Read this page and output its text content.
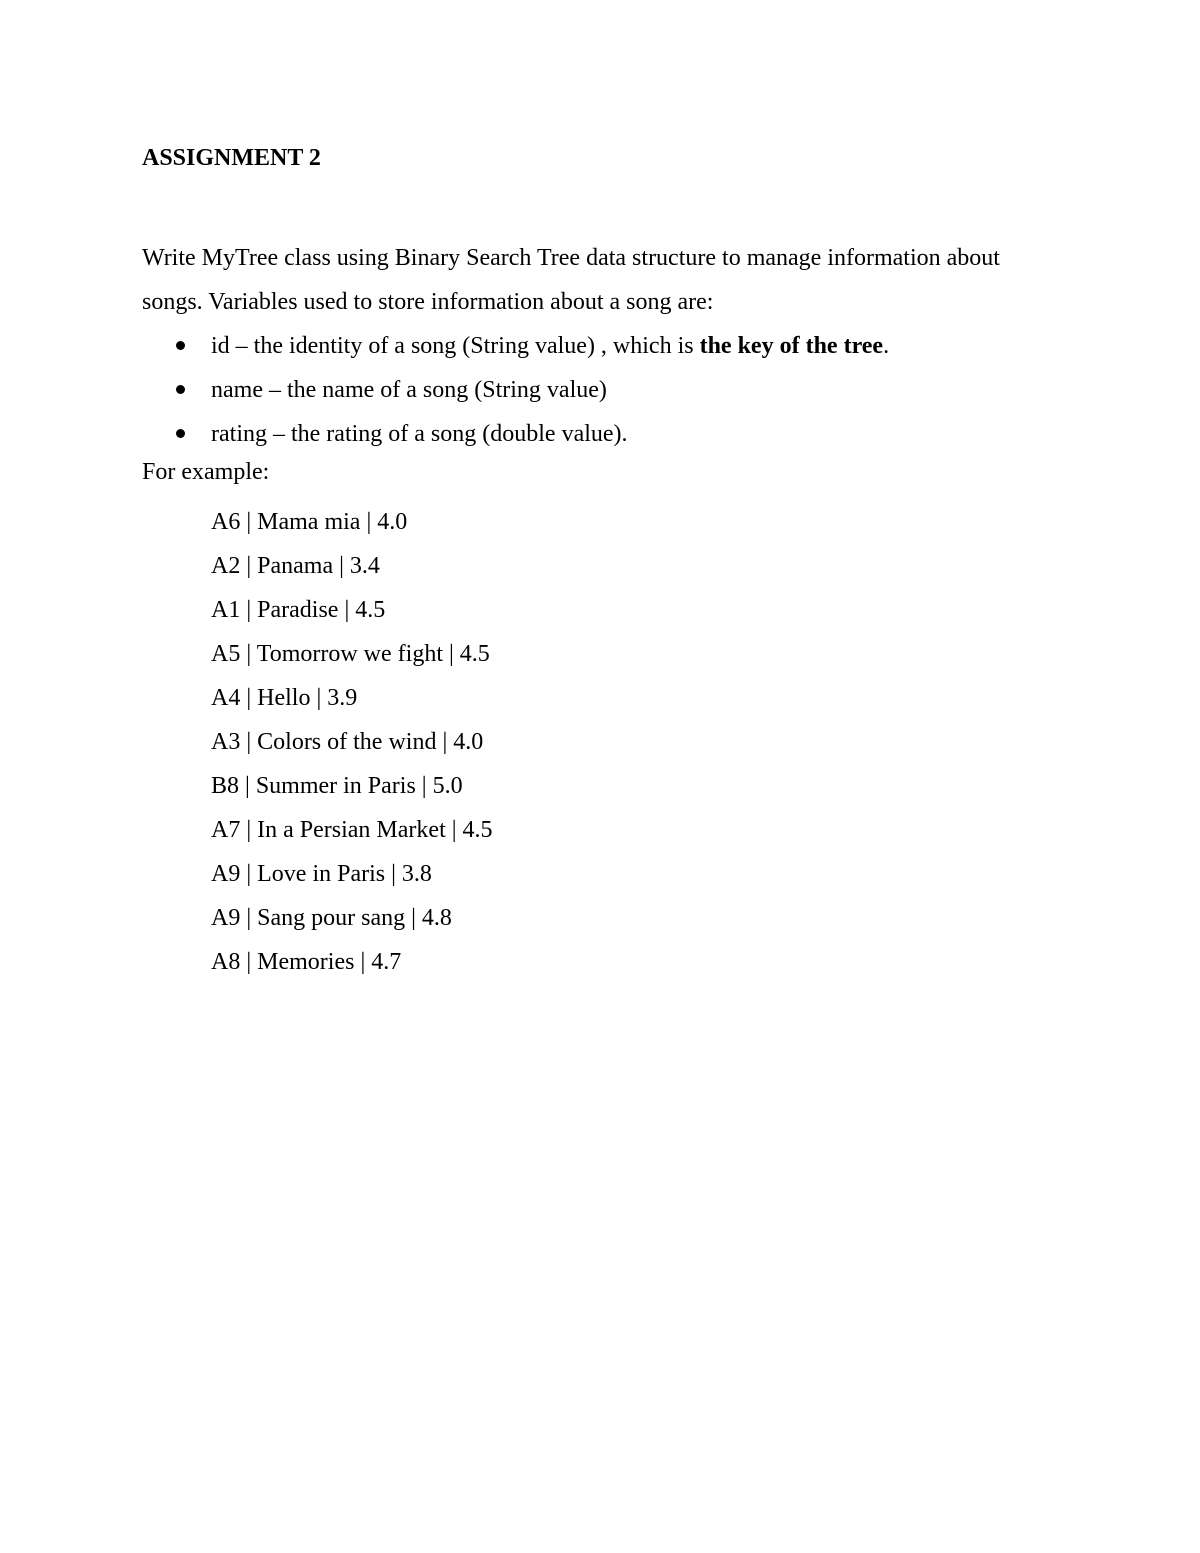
ASSIGNMENT 2

Write MyTree class using Binary Search Tree data structure to manage information about

songs. Variables used to store information about a song are:

id – the identity of a song (String value) , which is the key of the tree.
name – the name of a song (String value)
rating – the rating of a song (double value).
For example:
A6 | Mama mia | 4.0
A2 | Panama | 3.4
A1 | Paradise | 4.5
A5 | Tomorrow we fight | 4.5
A4 | Hello | 3.9
A3 | Colors of the wind | 4.0
B8 | Summer in Paris | 5.0
A7 | In a Persian Market | 4.5
A9 | Love in Paris | 3.8
A9 | Sang pour sang | 4.8
A8 | Memories | 4.7
